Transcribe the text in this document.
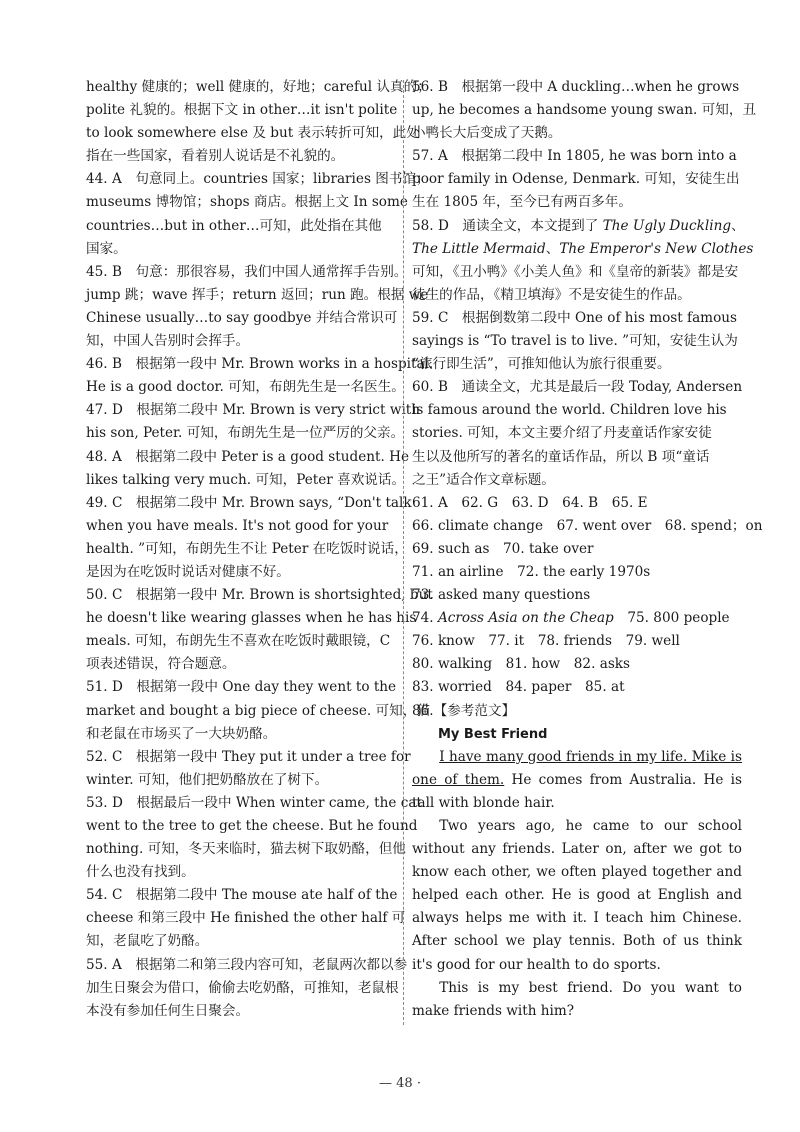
healthy 健康的；well 健康的，好地；careful 认真的；
polite 礼貌的。根据下文 in other…it isn't polite
to look somewhere else 及 but 表示转折可知，此处
指在一些国家，看着别人说话是不礼貌的。
44. A　句意同上。countries 国家；libraries 图书馆；
museums 博物馆；shops 商店。根据上文 In some
countries…but in other…可知，此处指在其他
国家。
45. B　句意：那很容易，我们中国人通常挥手告别。
jump 跳；wave 挥手；return 返回；run 跑。根据 we
Chinese usually…to say goodbye 并结合常识可
知，中国人告别时会挥手。
46. B　根据第一段中 Mr. Brown works in a hospital.
He is a good doctor. 可知，布朗先生是一名医生。
47. D　根据第二段中 Mr. Brown is very strict with
his son, Peter. 可知，布朗先生是一位严厉的父亲。
48. A　根据第二段中 Peter is a good student. He
likes talking very much. 可知，Peter 喜欢说话。
49. C　根据第二段中 Mr. Brown says, “Don't talk
when you have meals. It's not good for your
health. ”可知，布朗先生不让 Peter 在吃饭时说话，
是因为在吃饭时说话对健康不好。
50. C　根据第一段中 Mr. Brown is shortsighted, but
he doesn't like wearing glasses when he has his
meals. 可知，布朗先生不喜欢在吃饭时戴眼镜，C
项表述错误，符合题意。
51. D　根据第一段中 One day they went to the
market and bought a big piece of cheese. 可知，猫
和老鼠在市场买了一大块奶酪。
52. C　根据第一段中 They put it under a tree for
winter. 可知，他们把奶酪放在了树下。
53. D　根据最后一段中 When winter came, the cat
went to the tree to get the cheese. But he found
nothing. 可知，冬天来临时，猫去树下取奶酪，但他
什么也没有找到。
54. C　根据第二段中 The mouse ate half of the
cheese 和第三段中 He finished the other half 可
知，老鼠吃了奶酪。
55. A　根据第二和第三段内容可知，老鼠两次都以参
加生日聚会为借口，偷偷去吃奶酪，可推知，老鼠根
本没有参加任何生日聚会。
56. B　根据第一段中 A duckling…when he grows
up, he becomes a handsome young swan. 可知，丑
小鸭长大后变成了天鹅。
57. A　根据第二段中 In 1805, he was born into a
poor family in Odense, Denmark. 可知，安徒生出
生在 1805 年，至今已有两百多年。
58. D　通读全文，本文提到了 The Ugly Duckling、
The Little Mermaid、The Emperor's New Clothes
可知，《丑小鸭》《小美人鱼》和《皇帝的新装》都是安
徒生的作品，《精卫填海》不是安徒生的作品。
59. C　根据倒数第二段中 One of his most famous
sayings is “To travel is to live. ”可知，安徒生认为
“旅行即生活”，可推知他认为旅行很重要。
60. B　通读全文，尤其是最后一段 Today, Andersen
is famous around the world. Children love his
stories. 可知，本文主要介绍了丹麦童话作家安徒
生以及他所写的著名的童话作品，所以 B 项“童话
之王”适合作文章标题。

61. A　62. G　63. D　64. B　65. E

66. climate change　67. went over　68. spend；on

69. such as　70. take over

71. an airline　72. the early 1970s

73. asked many questions

74. Across Asia on the Cheap　75. 800 people

76. know　77. it　78. friends　79. well

80. walking　81. how　82. asks

83. worried　84. paper　85. at

86.【参考范文】

My Best Friend

I have many good friends in my life. Mike is one of them. He comes from Australia. He is tall with blonde hair.

Two years ago, he came to our school without any friends. Later on, after we got to know each other, we often played together and helped each other. He is good at English and always helps me with it. I teach him Chinese. After school we play tennis. Both of us think it's good for our health to do sports.

This is my best friend. Do you want to make friends with him?

— 48 ·
